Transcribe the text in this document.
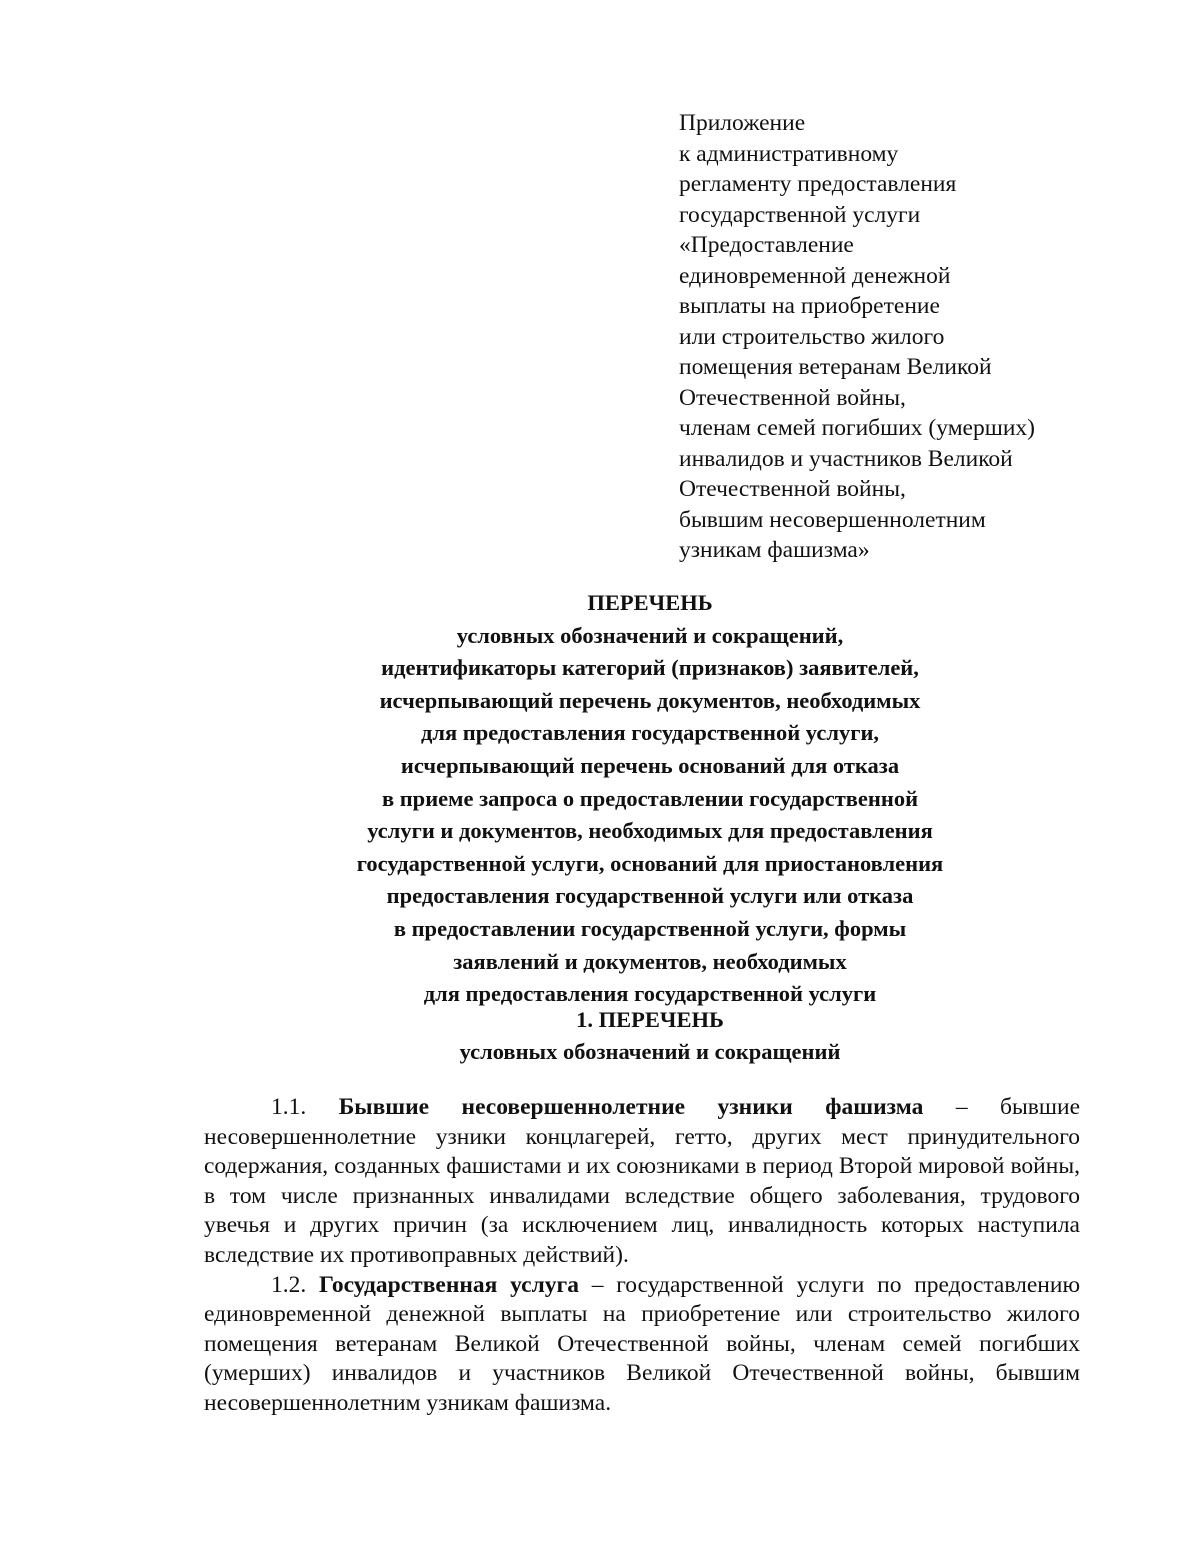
Приложение
к административному
регламенту предоставления
государственной услуги
«Предоставление
единовременной денежной
выплаты на приобретение
или строительство жилого
помещения ветеранам Великой
Отечественной войны,
членам семей погибших (умерших)
инвалидов и участников Великой
Отечественной войны,
бывшим несовершеннолетним
узникам фашизма»
ПЕРЕЧЕНЬ
условных обозначений и сокращений,
идентификаторы категорий (признаков) заявителей,
исчерпывающий перечень документов, необходимых
для предоставления государственной услуги,
исчерпывающий перечень оснований для отказа
в приеме запроса о предоставлении государственной
услуги и документов, необходимых для предоставления
государственной услуги, оснований для приостановления
предоставления государственной услуги или отказа
в предоставлении государственной услуги, формы
заявлений и документов, необходимых
для предоставления государственной услуги
1. ПЕРЕЧЕНЬ
условных обозначений и сокращений

1.1. Бывшие несовершеннолетние узники фашизма – бывшие несовершеннолетние узники концлагерей, гетто, других мест принудительного содержания, созданных фашистами и их союзниками в период Второй мировой войны, в том числе признанных инвалидами вследствие общего заболевания, трудового увечья и других причин (за исключением лиц, инвалидность которых наступила вследствие их противоправных действий).

1.2. Государственная услуга – государственной услуги по предоставлению единовременной денежной выплаты на приобретение или строительство жилого помещения ветеранам Великой Отечественной войны, членам семей погибших (умерших) инвалидов и участников Великой Отечественной войны, бывшим несовершеннолетним узникам фашизма.
